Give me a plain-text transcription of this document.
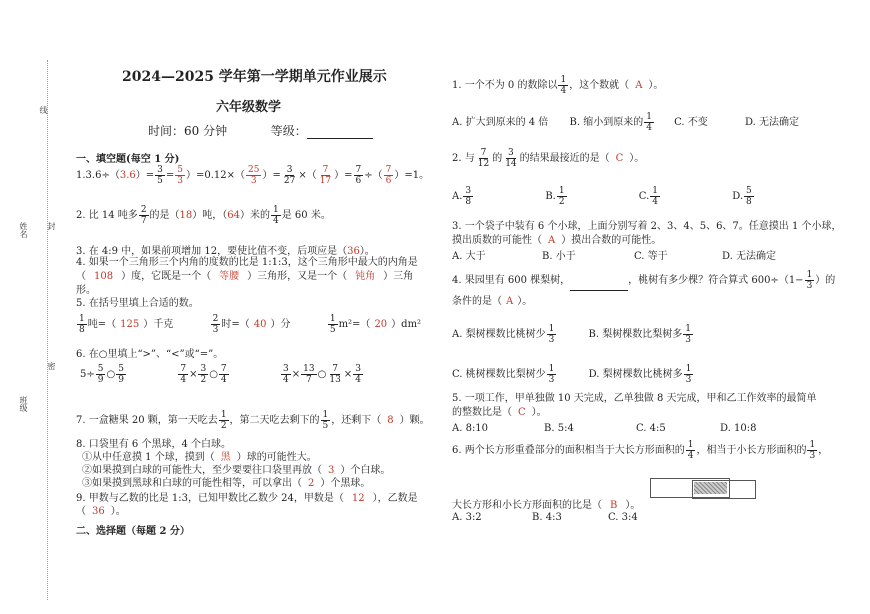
线
姓名 封
密
班级
2024—2025 学年第一学期单元作业展示
六年级数学
时间：60 分钟	等级：
一、填空题(每空 1 分)
$1.3.6\div(3.6)= \frac{3}{5} = \frac{5}{3} )=0.12\times( \frac{25}{3}$ ）= $\frac{3}{27}$ ×（ $\frac{7}{17}$ ）= $\frac{7}{6}$ ÷（ $\frac{7}{6} )=1$。
2. 比 14 吨多 $\frac{2}{7}$ 的是（18）吨，（64）米的 $\frac{1}{4}$ 是 60 米。
3. 在 4:9 中，如果前项增加 12，要使比值不变，后项应是（36）。
4. 如果一个三角形三个内角的度数的比是 1:1:3，这个三角形中最大的内角是
（ 108 ）度，它既是一个（ 等腰 ）三角形，又是一个（ 钝角 ）三角
形。
5. 在括号里填上合适的数。
$\frac{1}{8}$ 吨=（ 125 ）千克	$\frac{2}{3}$ 时=（ 40 ）分	$\frac{1}{5} m^2=$（ 20 ）dm²
6. 在○里填上“>”、“<”或“=”。
$5\div \frac{5}{9}$ ○ $\frac{5}{9}$
	$\frac{7}{4} \times \frac{3}{2}$ ○ $\frac{7}{4}$
	$\frac{3}{4} \times \frac{13}{7}$ ○ $\frac{7}{13} \times \frac{3}{4}$
7. 一盒糖果 20 颗，第一天吃去 $\frac{1}{2}$ ，第二天吃去剩下的 $\frac{1}{5}$ ，还剩下（ 8 ）颗。
8. 口袋里有 6 个黑球，4 个白球。
①从中任意摸 1 个球，摸到（ 黑 ）球的可能性大。
②如果摸到白球的可能性大，至少要要往口袋里再放（ 3 ）个白球。
③如果摸到黑球和白球的可能性相等，可以拿出（ 2 ）个黑球。
9. 甲数与乙数的比是 1:3，已知甲数比乙数少 24，甲数是（ 12 ），乙数是
（ 36 ）。
二、选择题（每题 2 分）
1. 一个不为 0 的数除以 $\frac{1}{4}$ ，这个数就（ A ）。
A. 扩大到原来的 4 倍 B. 缩小到原来的 $\frac{1}{4} C$. 不变	D. 无法确定
2. 与 $\frac{7}{12}$ 的 $\frac{3}{14}$ 的结果最接近的是（ C ）。
A. $\frac{3}{8}$	B. $\frac{1}{2}$	C. $\frac{1}{4}$	D. $\frac{5}{8}$
3. 一个袋子中装有 6 个小球，上面分别写着 2、3、4、5、6、7。任意摸出 1 个小球，
摸出质数的可能性（ A ）摸出合数的可能性。
A. 大于	B. 小于	C. 等于	D. 无法确定
4. 果园里有 600 棵梨树，	，桃树有多少棵？符合算式 $600\div(1- \frac{1}{3}$ ）的
条件的是（ A ）。
A. 梨树棵数比桃树少 $\frac{1}{3}$	B. 梨树棵数比梨树多 $\frac{1}{3}$
C. 桃树棵数比梨树少 $\frac{1}{3}$	D. 梨树棵数比桃树多 $\frac{1}{3}$
5. 一项工作，甲单独做 10 天完成，乙单独做 8 天完成，甲和乙工作效率的最简单
的整数比是（ C ）。
A. 8:10	B. 5:4	C. 4:5	D. 10:8
6. 两个长方形重叠部分的面积相当于大长方形面积的 $\frac{1}{4}$ ，相当于小长方形面积的 $\frac{1}{3}$ ，
大长方形和小长方形面积的比是（ B ）。
A. 3:2	B. 4:3	C. 3:4
